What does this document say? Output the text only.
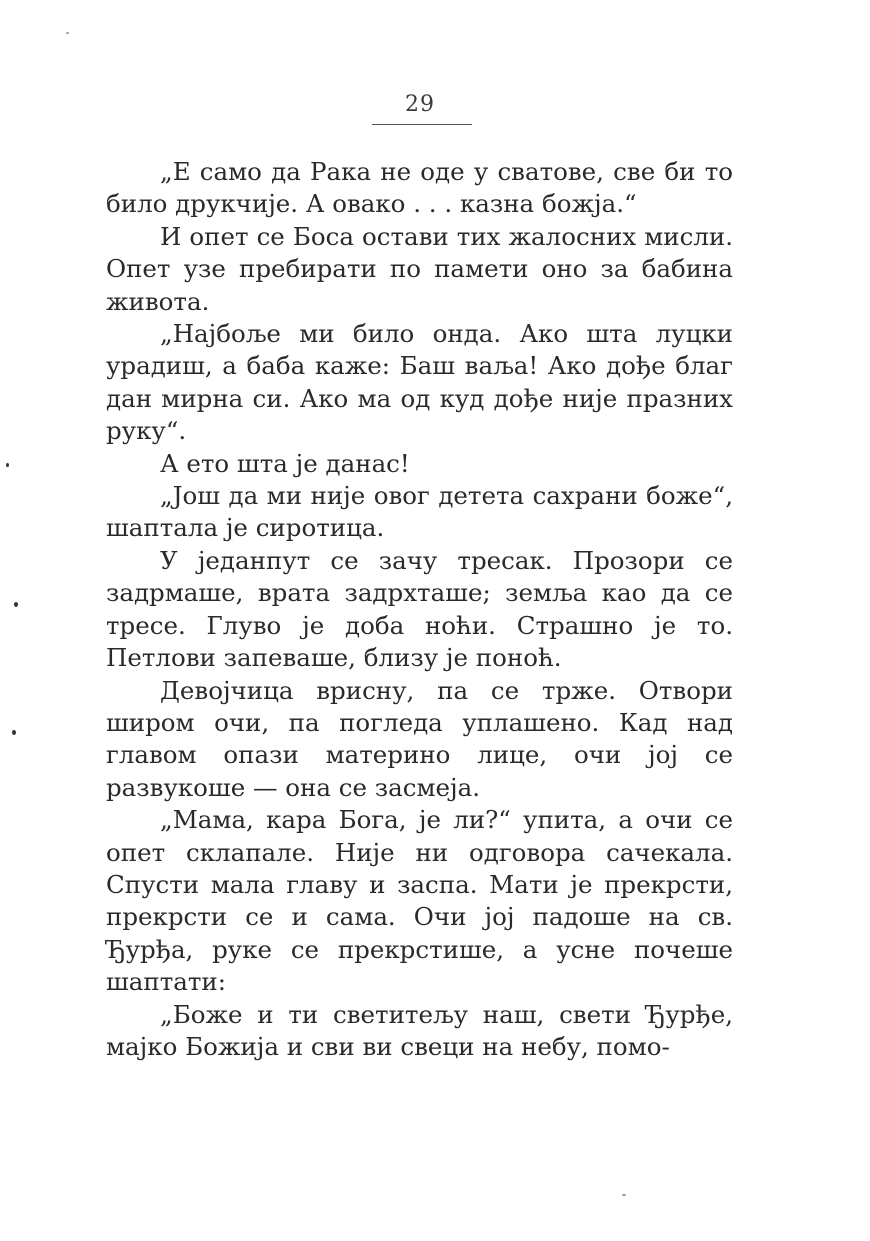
29

„Е само да Рака не оде у сватове, све би то било друкчије. А овако . . . казна божја.“

И опет се Боса остави тих жалосних мисли. Опет узе пребирати по памети оно за бабина живота.

„Најбоље ми било онда. Ако шта луцки урадиш, а баба каже: Баш ваља! Ако дође благ дан мирна си. Ако ма од куд дође није празних руку“.

А ето шта је данас!

„Још да ми није овог детета сахрани боже“, шаптала је сиротица.

У једанпут се зачу тресак. Прозори се задрмаше, врата задрхташе; земља као да се тресе. Глуво је доба ноћи. Страшно је то. Петлови запеваше, близу је поноћ.

Девојчица врисну, па се трже. Отвори широм очи, па погледа уплашено. Кад над главом опази материно лице, очи јој се развукоше — она се засмеја.

„Мама, кара Бога, је ли?“ упита, а очи се опет склапале. Није ни одговора сачекала. Спусти мала главу и заспа. Мати је прекрсти, прекрсти се и сама. Очи јој падоше на св. Ђурђа, руке се прекрстише, а усне почеше шаптати:

„Боже и ти светитељу наш, свети Ђурђе, мајко Божија и сви ви свеци на небу, помо-
